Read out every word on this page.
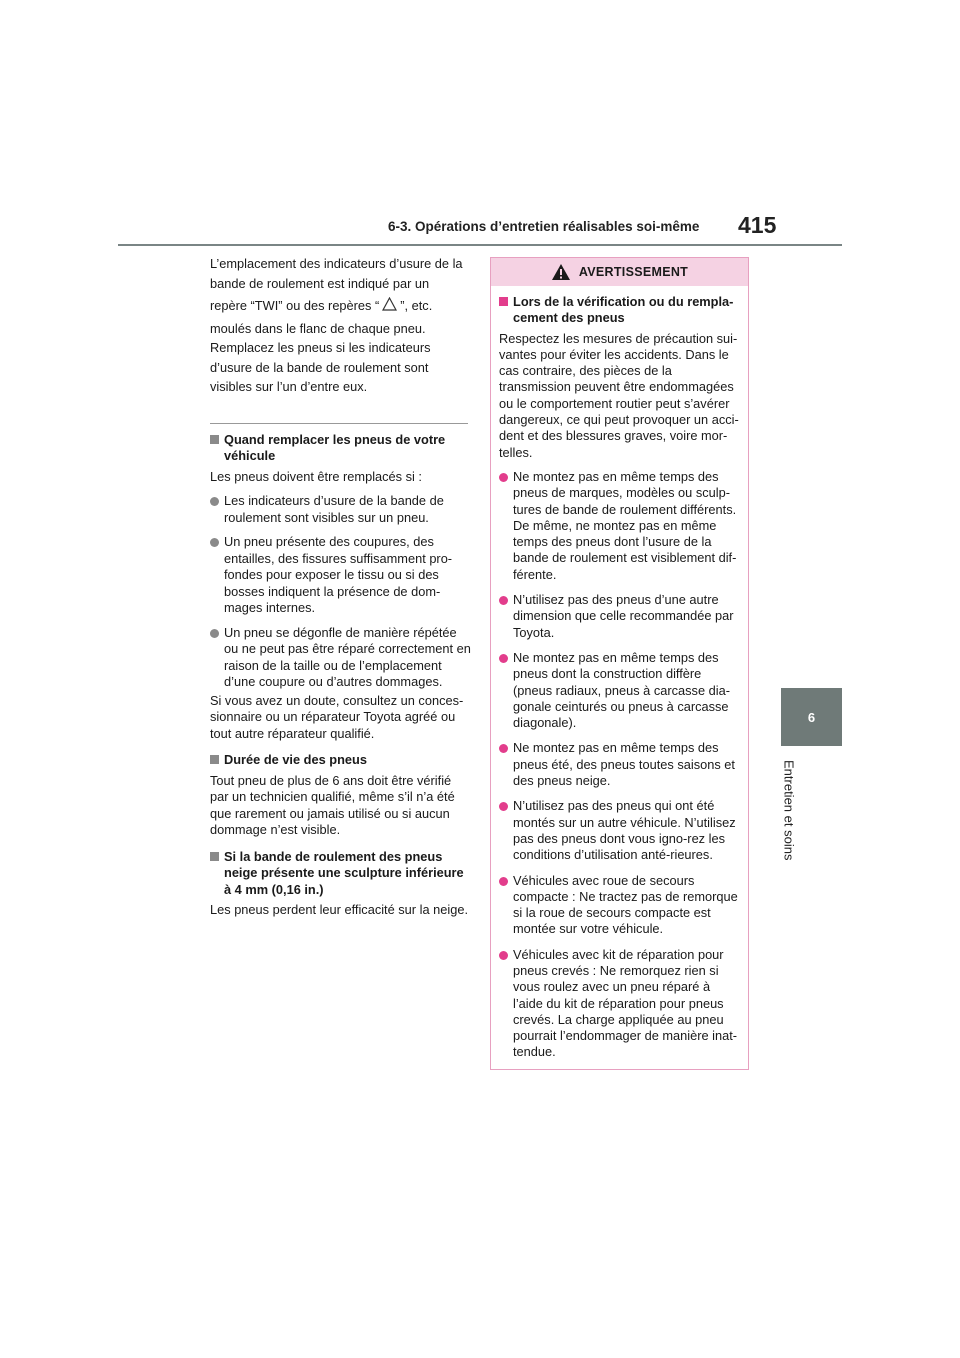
6-3. Opérations d’entretien réalisables soi-même 415
6
Entretien et soins

L’emplacement des indicateurs d’usure de la

bande de roulement est indiqué par un

repère “TWI” ou des repères “ ”, etc.

moulés dans le flanc de chaque pneu.

Remplacez les pneus si les indicateurs

d’usure de la bande de roulement sont

visibles sur l’un d’entre eux.

Quand remplacer les pneus de votre véhicule
Les pneus doivent être remplacés si :
Les indicateurs d’usure de la bande de roulement sont visibles sur un pneu.
Un pneu présente des coupures, des entailles, des fissures suffisamment pro-fondes pour exposer le tissu ou si des bosses indiquent la présence de dom-mages internes.
Un pneu se dégonfle de manière répétée ou ne peut pas être réparé correctement en raison de la taille ou de l’emplacement d’une coupure ou d’autres dommages.
Si vous avez un doute, consultez un conces-sionnaire ou un réparateur Toyota agréé ou tout autre réparateur qualifié.
Durée de vie des pneus
Tout pneu de plus de 6 ans doit être vérifié par un technicien qualifié, même s’il n’a été que rarement ou jamais utilisé ou si aucun dommage n’est visible.
Si la bande de roulement des pneus neige présente une sculpture inférieure à 4 mm (0,16 in.)
Les pneus perdent leur efficacité sur la neige.
AVERTISSEMENT
Lors de la vérification ou du rempla-cement des pneus
Respectez les mesures de précaution sui-vantes pour éviter les accidents. Dans le cas contraire, des pièces de la transmission peuvent être endommagées ou le comportement routier peut s’avérer dangereux, ce qui peut provoquer un acci-dent et des blessures graves, voire mor-telles.
Ne montez pas en même temps des pneus de marques, modèles ou sculp-tures de bande de roulement différents. De même, ne montez pas en même temps des pneus dont l’usure de la bande de roulement est visiblement dif-férente.
N’utilisez pas des pneus d’une autre dimension que celle recommandée par Toyota.
Ne montez pas en même temps des pneus dont la construction diffère (pneus radiaux, pneus à carcasse dia-gonale ceinturés ou pneus à carcasse diagonale).
Ne montez pas en même temps des pneus été, des pneus toutes saisons et des pneus neige.
N’utilisez pas des pneus qui ont été montés sur un autre véhicule. N’utilisez pas des pneus dont vous igno-rez les conditions d’utilisation anté-rieures.
Véhicules avec roue de secours compacte : Ne tractez pas de remorque si la roue de secours compacte est montée sur votre véhicule.
Véhicules avec kit de réparation pour pneus crevés : Ne remorquez rien si vous roulez avec un pneu réparé à l’aide du kit de réparation pour pneus crevés. La charge appliquée au pneu pourrait l’endommager de manière inat-tendue.
